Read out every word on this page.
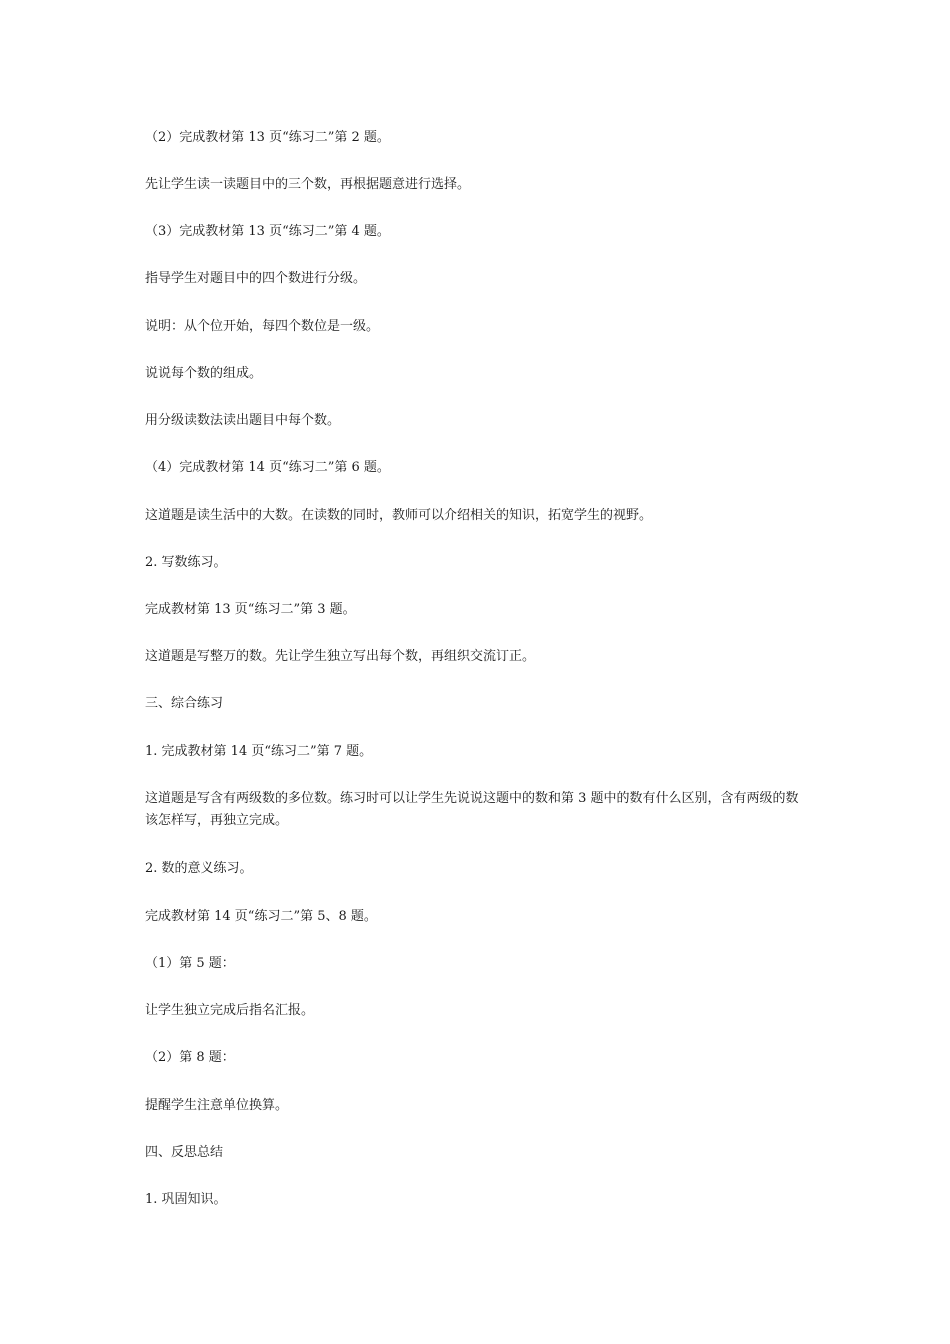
（2）完成教材第 13 页“练习二”第 2 题。

先让学生读一读题目中的三个数，再根据题意进行选择。

（3）完成教材第 13 页“练习二”第 4 题。

指导学生对题目中的四个数进行分级。

说明：从个位开始，每四个数位是一级。

说说每个数的组成。

用分级读数法读出题目中每个数。

（4）完成教材第 14 页“练习二”第 6 题。

这道题是读生活中的大数。在读数的同时，教师可以介绍相关的知识，拓宽学生的视野。

2. 写数练习。

完成教材第 13 页“练习二”第 3 题。

这道题是写整万的数。先让学生独立写出每个数，再组织交流订正。

三、综合练习

1. 完成教材第 14 页“练习二”第 7 题。

这道题是写含有两级数的多位数。练习时可以让学生先说说这题中的数和第 3 题中的数有什么区别，含有两级的数该怎样写，再独立完成。

2. 数的意义练习。

完成教材第 14 页“练习二”第 5、8 题。

（1）第 5 题：

让学生独立完成后指名汇报。

（2）第 8 题：

提醒学生注意单位换算。

四、反思总结

1. 巩固知识。
